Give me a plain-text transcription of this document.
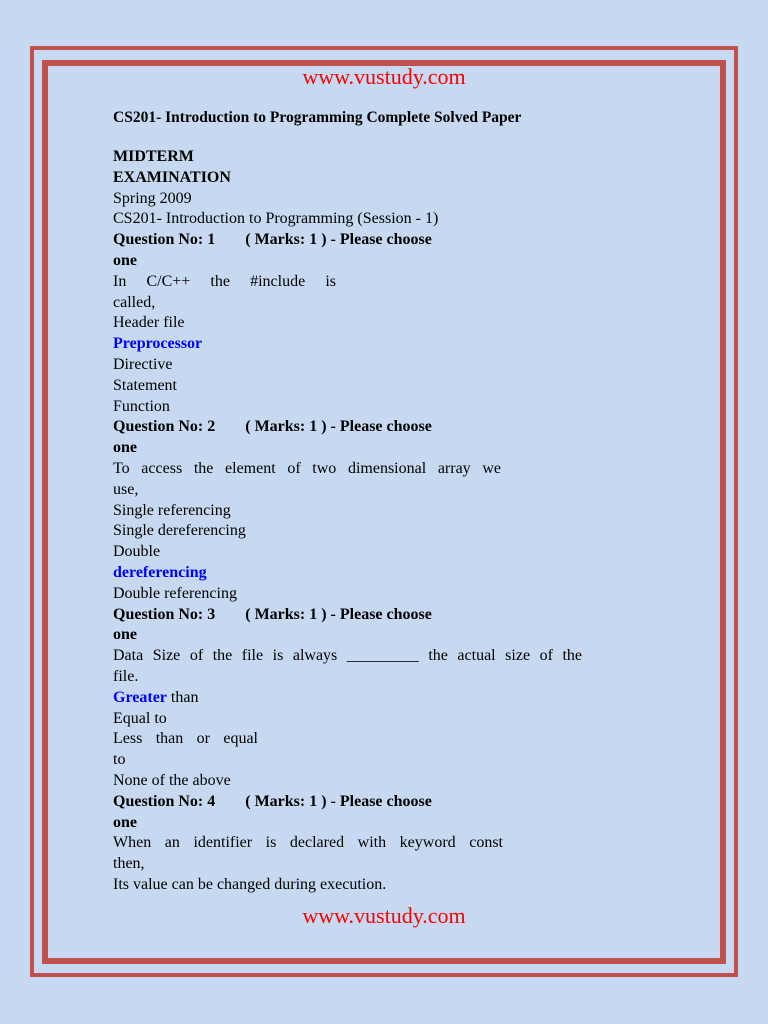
www.vustudy.com
CS201- Introduction to Programming Complete Solved Paper
MIDTERM
EXAMINATION
Spring 2009
CS201- Introduction to Programming (Session - 1)
Question No: 1 ( Marks: 1 ) - Please choose
one
In C/C++ the #include is
called,
Header file
Preprocessor
Directive
Statement
Function
Question No: 2 ( Marks: 1 ) - Please choose
one
To access the element of two dimensional array we
use,
Single referencing
Single dereferencing
Double
dereferencing
Double referencing
Question No: 3 ( Marks: 1 ) - Please choose
one
Data Size of the file is always _________ the actual size of the
file.
Greater than
Equal to
Less than or equal
to
None of the above
Question No: 4 ( Marks: 1 ) - Please choose
one
When an identifier is declared with keyword const
then,
Its value can be changed during execution.
www.vustudy.com
